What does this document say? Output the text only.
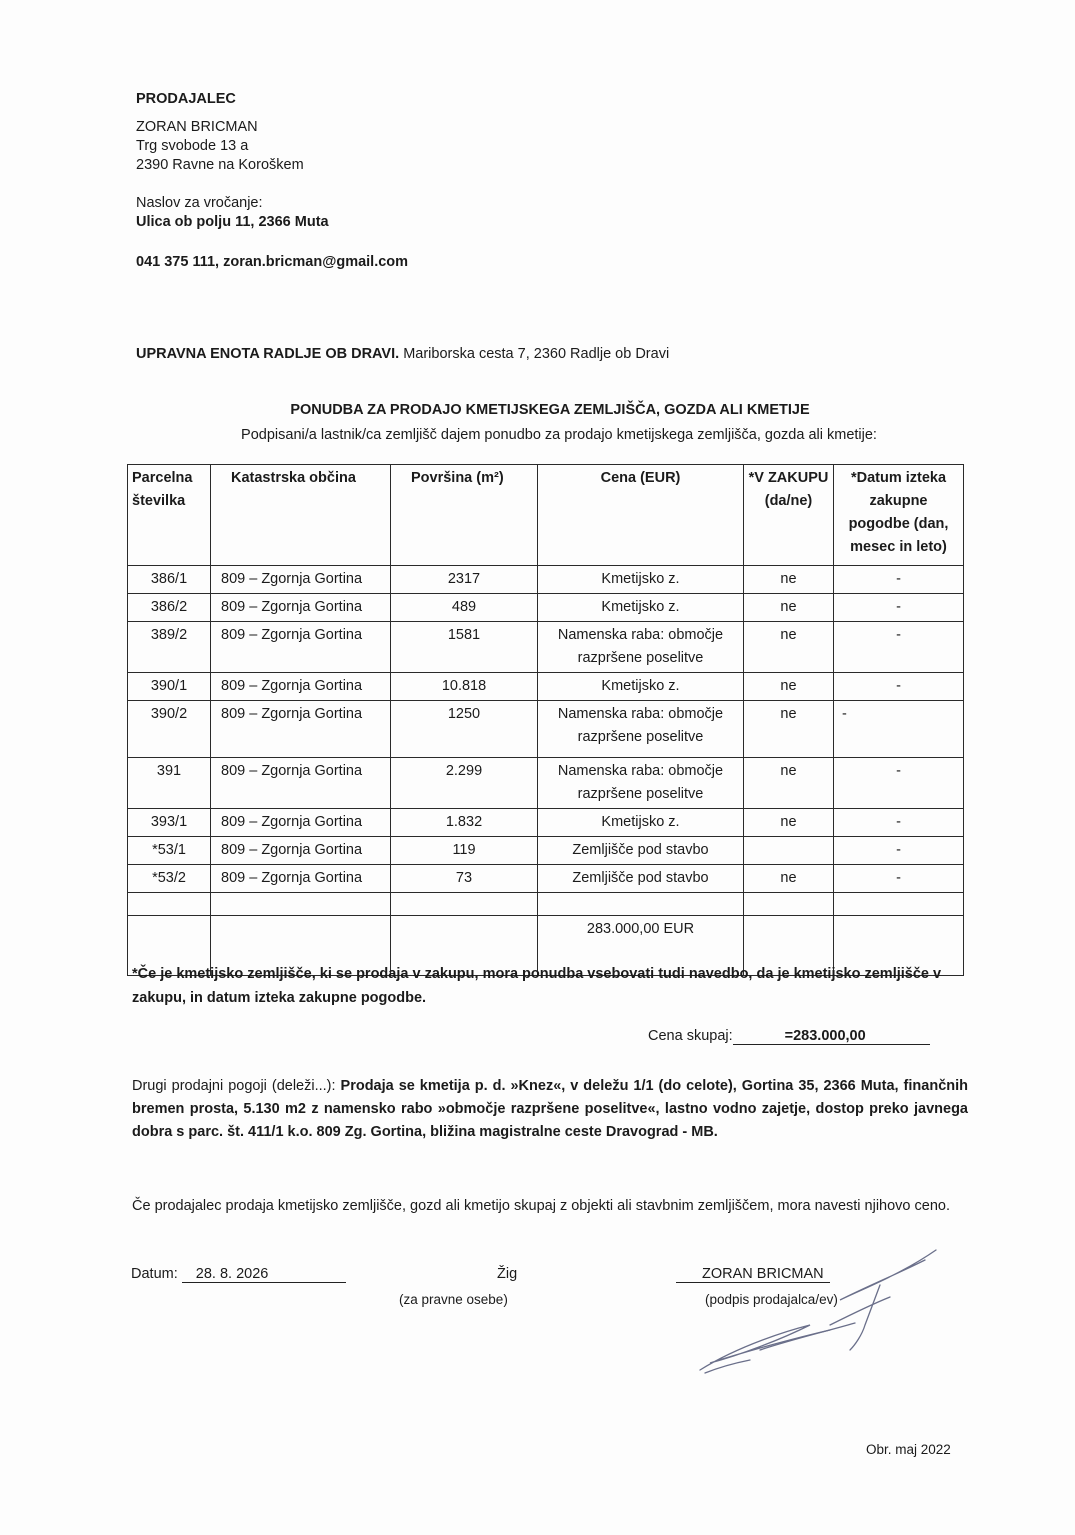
PRODAJALEC
ZORAN BRICMAN
Trg svobode 13 a
2390 Ravne na Koroškem
Naslov za vročanje:
Ulica ob polju 11, 2366 Muta
041 375 111, zoran.bricman@gmail.com
UPRAVNA ENOTA RADLJE OB DRAVI. Mariborska cesta 7, 2360 Radlje ob Dravi
PONUDBA ZA PRODAJO KMETIJSKEGA ZEMLJIŠČA, GOZDA ALI KMETIJE
Podpisani/a lastnik/ca zemljišč dajem ponudbo za prodajo kmetijskega zemljišča, gozda ali kmetije:
Parcelna številka	Katastrska občina	Površina (m²)	Cena (EUR)	*V ZAKUPU (da/ne)	*Datum izteka zakupne pogodbe (dan, mesec in leto)
386/1	809 – Zgornja Gortina	2317	Kmetijsko z.	ne	-
386/2	809 – Zgornja Gortina	489	Kmetijsko z.	ne	-
389/2	809 – Zgornja Gortina	1581	Namenska raba: območje razpršene poselitve	ne	-
390/1	809 – Zgornja Gortina	10.818	Kmetijsko z.	ne	-
390/2	809 – Zgornja Gortina	1250	Namenska raba: območje razpršene poselitve	ne	-
391	809 – Zgornja Gortina	2.299	Namenska raba: območje razpršene poselitve	ne	-
393/1	809 – Zgornja Gortina	1.832	Kmetijsko z.	ne	-
*53/1	809 – Zgornja Gortina	119	Zemljišče pod stavbo		-
*53/2	809 – Zgornja Gortina	73	Zemljišče pod stavbo	ne	-

			283.000,00 EUR		
*Če je kmetijsko zemljišče, ki se prodaja v zakupu, mora ponudba vsebovati tudi navedbo, da je kmetijsko zemljišče v zakupu, in datum izteka zakupne pogodbe.
Cena skupaj:	=283.000,00
Drugi prodajni pogoji (deleži...): Prodaja se kmetija p. d. »Knez«, v deležu 1/1 (do celote), Gortina 35, 2366 Muta, finančnih bremen prosta, 5.130 m2 z namensko rabo »območje razpršene poselitve«, lastno vodno zajetje, dostop preko javnega dobra s parc. št. 411/1 k.o. 809 Zg. Gortina, bližina magistralne ceste Dravograd - MB.
Če prodajalec prodaja kmetijsko zemljišče, gozd ali kmetijo skupaj z objekti ali stavbnim zemljiščem, mora navesti njihovo ceno.
Datum: 28. 8. 2026	Žig
(za pravne osebe)
ZORAN BRICMAN
(podpis prodajalca/ev)
Obr. maj 2022
